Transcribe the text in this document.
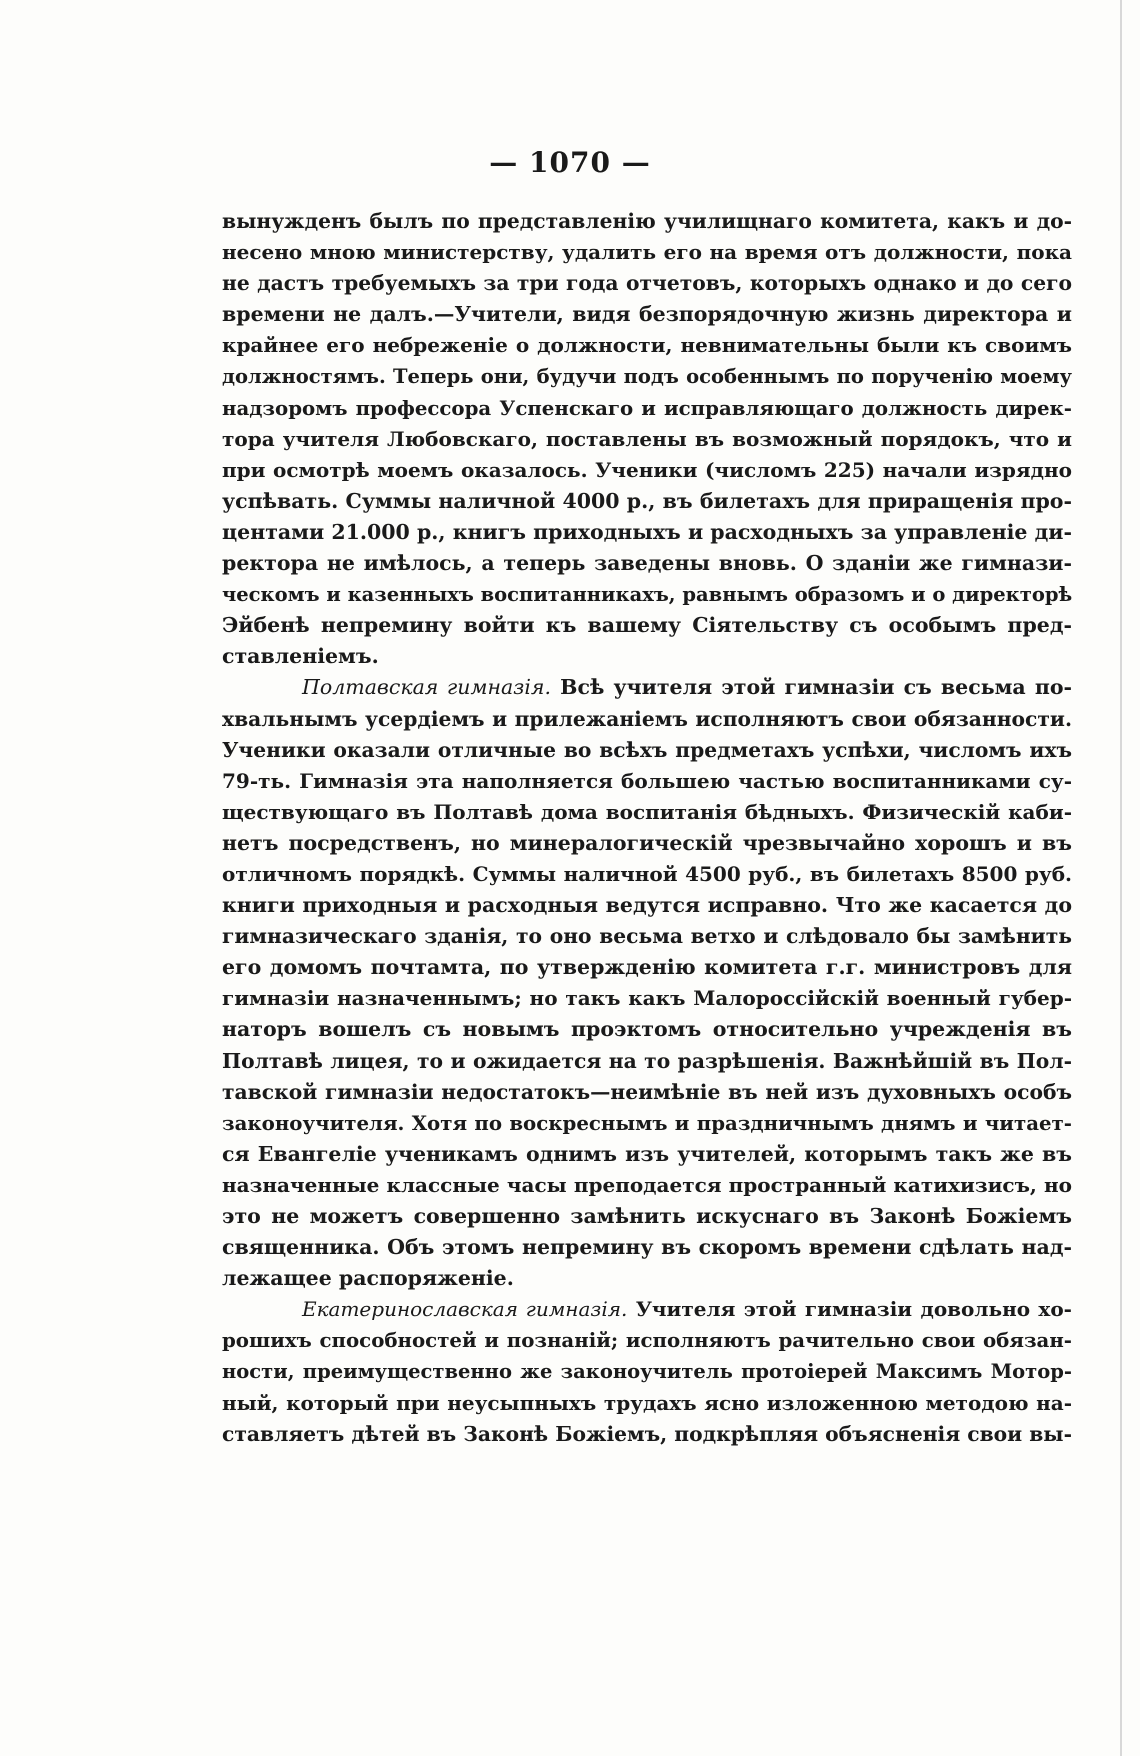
— 1070 —
вынужденъ былъ по представленію училищнаго комитета, какъ и до-
несено мною министерству, удалить его на время отъ должности, пока
не дастъ требуемыхъ за три года отчетовъ, которыхъ однако и до сего
времени не далъ.—Учители, видя безпорядочную жизнь директора и
крайнее его небреженіе о должности, невнимательны были къ своимъ
должностямъ. Теперь они, будучи подъ особеннымъ по порученію моему
надзоромъ профессора Успенскаго и исправляющаго должность дирек-
тора учителя Любовскаго, поставлены въ возможный порядокъ, что и
при осмотрѣ моемъ оказалось. Ученики (числомъ 225) начали изрядно
успѣвать. Суммы наличной 4000 р., въ билетахъ для приращенія про-
центами 21.000 р., книгъ приходныхъ и расходныхъ за управленіе ди-
ректора не имѣлось, а теперь заведены вновь. О зданіи же гимнази-
ческомъ и казенныхъ воспитанникахъ, равнымъ образомъ и о директорѣ
Эйбенѣ непремину войти къ вашему Сіятельству съ особымъ пред-
ставленіемъ.
Полтавская гимназія. Всѣ учителя этой гимназіи съ весьма по-
хвальнымъ усердіемъ и прилежаніемъ исполняютъ свои обязанности.
Ученики оказали отличные во всѣхъ предметахъ успѣхи, числомъ ихъ
79-ть. Гимназія эта наполняется большею частью воспитанниками су-
ществующаго въ Полтавѣ дома воспитанія бѣдныхъ. Физическій каби-
нетъ посредственъ, но минералогическій чрезвычайно хорошъ и въ
отличномъ порядкѣ. Суммы наличной 4500 руб., въ билетахъ 8500 руб.
книги приходныя и расходныя ведутся исправно. Что же касается до
гимназическаго зданія, то оно весьма ветхо и слѣдовало бы замѣнить
его домомъ почтамта, по утвержденію комитета г.г. министровъ для
гимназіи назначеннымъ; но такъ какъ Малороссійскій военный губер-
наторъ вошелъ съ новымъ проэктомъ относительно учрежденія въ
Полтавѣ лицея, то и ожидается на то разрѣшенія. Важнѣйшій въ Пол-
тавской гимназіи недостатокъ—неимѣніе въ ней изъ духовныхъ особъ
законоучителя. Хотя по воскреснымъ и праздничнымъ днямъ и читает-
ся Евангеліе ученикамъ однимъ изъ учителей, которымъ такъ же въ
назначенные классные часы преподается пространный катихизисъ, но
это не можетъ совершенно замѣнить искуснаго въ Законѣ Божіемъ
священника. Объ этомъ непремину въ скоромъ времени сдѣлать над-
лежащее распоряженіе.
Екатеринославская гимназія. Учителя этой гимназіи довольно хо-
рошихъ способностей и познаній; исполняютъ рачительно свои обязан-
ности, преимущественно же законоучитель протоіерей Максимъ Мотор-
ный, который при неусыпныхъ трудахъ ясно изложенною методою на-
ставляетъ дѣтей въ Законѣ Божіемъ, подкрѣпляя объясненія свои вы-
